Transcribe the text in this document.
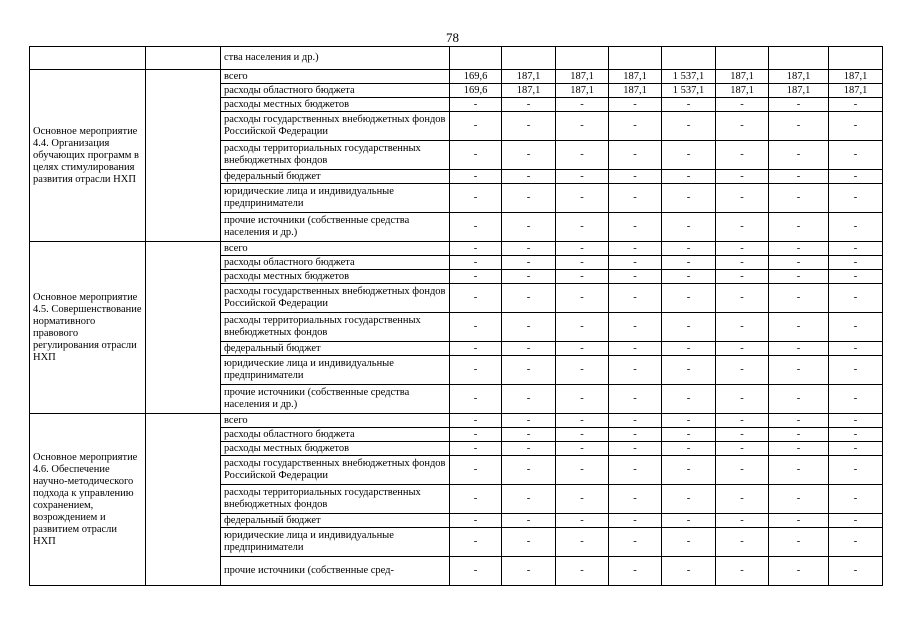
78
		ства населения и др.)								
Основное мероприятие 4.4. Организация обучающих программ в целях стимулирования развития отрасли НХП		всего	169,6	187,1	187,1	187,1	1 537,1	187,1	187,1	187,1
		расходы областного бюджета	169,6	187,1	187,1	187,1	1 537,1	187,1	187,1	187,1
		расходы местных бюджетов	-	-	-	-	-	-	-	-
		расходы государственных внебюджетных фондов Российской Федерации	-	-	-	-	-	-	-	-
		расходы территориальных государственных внебюджетных фондов	-	-	-	-	-	-	-	-
		федеральный бюджет	-	-	-	-	-	-	-	-
		юридические лица и индивидуальные предприниматели	-	-	-	-	-	-	-	-
		прочие источники (собственные средства населения и др.)	-	-	-	-	-	-	-	-
Основное мероприятие 4.5. Совершенствование нормативного правового регулирования отрасли НХП		всего	-	-	-	-	-	-	-	-
		расходы областного бюджета	-	-	-	-	-	-	-	-
		расходы местных бюджетов	-	-	-	-	-	-	-	-
		расходы государственных внебюджетных фондов Российской Федерации	-	-	-	-	-	-	-	-
		расходы территориальных государственных внебюджетных фондов	-	-	-	-	-	-	-	-
		федеральный бюджет	-	-	-	-	-	-	-	-
		юридические лица и индивидуальные предприниматели	-	-	-	-	-	-	-	-
		прочие источники (собственные средства населения и др.)	-	-	-	-	-	-	-	-
Основное мероприятие 4.6. Обеспечение научно-методического подхода к управлению сохранением, возрождением и развитием отрасли НХП		всего	-	-	-	-	-	-	-	-
		расходы областного бюджета	-	-	-	-	-	-	-	-
		расходы местных бюджетов	-	-	-	-	-	-	-	-
		расходы государственных внебюджетных фондов Российской Федерации	-	-	-	-	-	-	-	-
		расходы территориальных государственных внебюджетных фондов	-	-	-	-	-	-	-	-
		федеральный бюджет	-	-	-	-	-	-	-	-
		юридические лица и индивидуальные предприниматели	-	-	-	-	-	-	-	-
		прочие источники (собственные сред-	-	-	-	-	-	-	-	-
